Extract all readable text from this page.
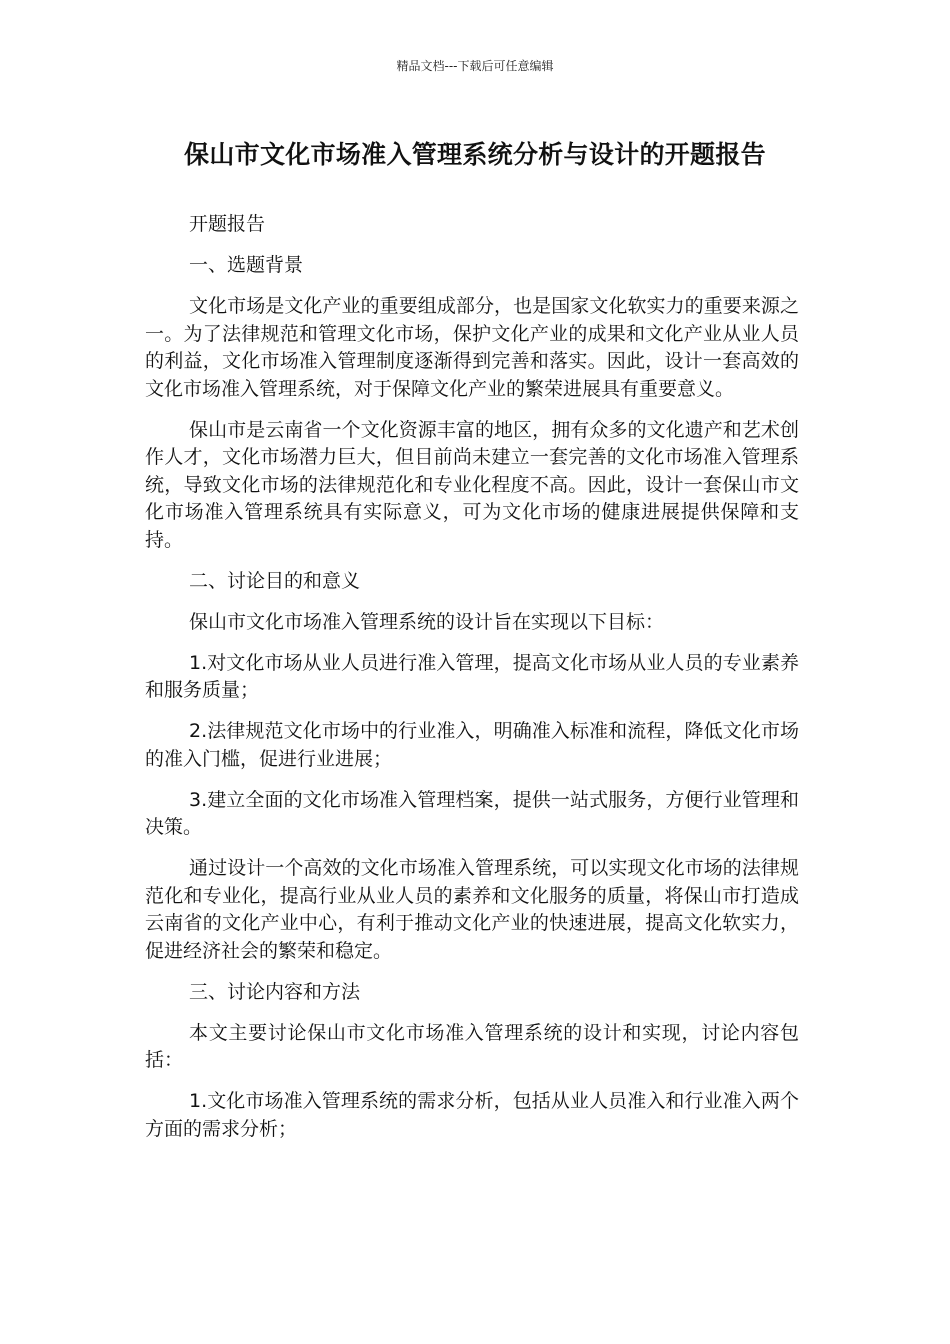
精品文档---下载后可任意编辑
保山市文化市场准入管理系统分析与设计的开题报告

开题报告

一、选题背景

文化市场是文化产业的重要组成部分，也是国家文化软实力的重要来源之一。为了法律规范和管理文化市场，保护文化产业的成果和文化产业从业人员的利益，文化市场准入管理制度逐渐得到完善和落实。因此，设计一套高效的文化市场准入管理系统，对于保障文化产业的繁荣进展具有重要意义。

保山市是云南省一个文化资源丰富的地区，拥有众多的文化遗产和艺术创作人才，文化市场潜力巨大，但目前尚未建立一套完善的文化市场准入管理系统，导致文化市场的法律规范化和专业化程度不高。因此，设计一套保山市文化市场准入管理系统具有实际意义，可为文化市场的健康进展提供保障和支持。

二、讨论目的和意义

保山市文化市场准入管理系统的设计旨在实现以下目标：

1.对文化市场从业人员进行准入管理，提高文化市场从业人员的专业素养和服务质量；

2.法律规范文化市场中的行业准入，明确准入标准和流程，降低文化市场的准入门槛，促进行业进展；

3.建立全面的文化市场准入管理档案，提供一站式服务，方便行业管理和决策。

通过设计一个高效的文化市场准入管理系统，可以实现文化市场的法律规范化和专业化，提高行业从业人员的素养和文化服务的质量，将保山市打造成云南省的文化产业中心，有利于推动文化产业的快速进展，提高文化软实力，促进经济社会的繁荣和稳定。

三、讨论内容和方法

本文主要讨论保山市文化市场准入管理系统的设计和实现，讨论内容包括：

1.文化市场准入管理系统的需求分析，包括从业人员准入和行业准入两个方面的需求分析；
